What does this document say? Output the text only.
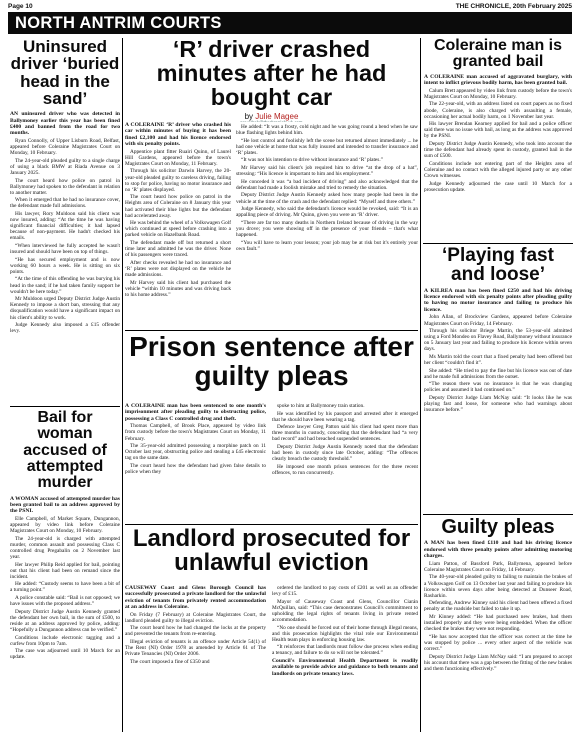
Page 10	THE CHRONICLE, 20th February 2025
NORTH ANTRIM COURTS
Uninsured driver ‘buried head in the sand’

AN uninsured driver who was detected in Ballymoney earlier this year has been fined £400 and banned from the road for two months.

Ryan Connolly, of Upper Lisburn Road, Belfast, appeared before Coleraine Magistrates Court on Monday, 10 February.

The 24-year-old pleaded guilty to a single charge of using a black BMW at Riada Avenue on 3 January 2025.

The court heard how police on patrol in Ballymoney had spoken to the defendant in relation to another matter.

When it emerged that he had no insurance cover, the defendant made full admissions.

His lawyer, Rory Muldoon said his client was now insured, adding: “At the time he was having significant financial difficulties; it had lapsed because of non-payment. He hadn't checked his emails.

“When interviewed he fully accepted he wasn't insured and should have been on top of things.

“He has secured employment and is now working 60 hours a week. He is sitting on six points.

“At the time of this offending he was burying his head in the sand; if he had taken family support he wouldn't be here today.”

Mr Muldoon urged Deputy District Judge Austin Kennedy to impose a short ban, stressing that any disqualification would have a significant impact on his client's ability to work.

Judge Kennedy also imposed a £15 offender levy.

Bail for woman accused of attempted murder

A WOMAN accused of attempted murder has been granted bail to an address approved by the PSNI.

Elle Campbell, of Market Square, Dungannon, appeared by video link before Coleraine Magistrates Court on Monday, 10 February.

The 24-year-old is charged with attempted murder, common assault and possessing Class C controlled drug Pregabalin on 2 November last year.

Her lawyer Philip Reid applied for bail, pointing out that his client had been on remand since the incident.

He added: “Custody seems to have been a bit of a turning point.”

A police constable said: “Bail is not opposed; we have issues with the proposed address.”

Deputy District Judge Austin Kennedy granted the defendant her own bail, in the sum of £500, to reside at an address approved by police, adding: “Hopefully a Dungannon address can be verified.”

Conditions include electronic tagging and a curfew from 10pm to 7am.

The case was adjourned until 10 March for an update.

‘R’ driver crashed minutes after he had bought car
by Julie Magee

A COLERAINE ‘R’ driver who crashed his car within minutes of buying it has been fined £2,100 and had his licence endorsed with six penalty points.

Appentice plant fitter Ruairi Quinn, of Laurel Hill Gardens, appeared before the town's Magistrates Court on Monday, 11 February.

Through his solicitor Darwin Harvey, the 20-year-old pleaded guilty to careless driving, failing to stop for police, having no motor insurance and no ‘R’ plates displayed.

The court heard how police on patrol in the Heights area of Coleraine on 8 January this year had activated their blue lights but the defendant had accelerated away.

He was behind the wheel of a Volkswagen Golf which continued at speed before crashing into a parked vehicle on Hazelbank Road.

The defendant made off but returned a short time later and admitted he was the driver. None of his passengers were traced.

After checks revealed he had no insurance and ‘R’ plates were not displayed on the vehicle he made admissions.

Mr Harvey said his client had purchased the vehicle “within 10 minutes and was driving back to his home address.”

He added: “It was a frosty, cold night and he was going round a bend when he saw blue flashing lights behind him.

“He lost control and foolishly left the scene but returned almost immediately ... he had one vehicle at home that was fully insured and intended to transfer insurance and ‘R’ plates.

“It was not his intention to drive without insurance and ‘R’ plates.”

Mr Harvey said his client's job required him to drive “at the drop of a hat”, stressing: “His licence is important to him and his employment.”

He conceded it was “a bad incident of driving” and also acknowledged that the defendant had made a foolish mistake and tried to remedy the situation.

Deputy District Judge Austin Kennedy asked how many people had been in the vehicle at the time of the crash and the defendant replied: “Myself and three others.”

Judge Kennedy, who said the defendant's licence would be revoked, said: “It is an appalling piece of driving. Mr Quinn, given you were an ‘R’ driver.

“There are far too many deaths in Northern Ireland because of driving in the way you drove; you were showing off in the presence of your friends – that's what happened.

“You will have to learn your lesson; your job may be at risk but it's entirely your own fault.”

Prison sentence after guilty pleas

A COLERAINE man has been sentenced to one month's imprisonment after pleading guilty to obstructing police, possessing a Class C controlled drug and theft.

Thomas Campbell, of Brook Place, appeared by video link from custody before the town's Magistrates Court on Monday, 11 February.

The 35-year-old admitted possessing a morphine patch on 11 October last year, obstructing police and stealing a £45 electronic tag on the same date.

The court heard how the defendant had given false details to police when they

spoke to him at Ballymoney train station.

He was identified by his passport and arrested after it emerged that he should have been wearing a tag.

Defence lawyer Greg Patton said his client had spent more than three months in custody, conceding that the defendant had “a very bad record” and had breached suspended sentences.

Deputy District Judge Austin Kennedy noted that the defendant had been in custody since late October, adding: “The offences clearly breach the custody threshold.”

He imposed one month prison sentences for the three recent offences, to run concurrently.

Landlord prosecuted for unlawful eviction

CAUSEWAY Coast and Glens Borough Council has successfully prosecuted a private landlord for the unlawful eviction of tenants from privately rented accommodation at an address in Coleraine.

On Friday (7 February) at Coleraine Magistrates Court, the landlord pleaded guilty to illegal eviction.

The court heard how he had changed the locks at the property and prevented the tenants from re-entering.

Illegal eviction of tenants is an offence under Article 54(1) of The Rent (NI) Order 1978 as amended by Article 61 of The Private Tenancies (NI) Order 2006.

The court imposed a fine of £350 and

ordered the landlord to pay costs of £201 as well as an offender levy of £15.

Mayor of Causeway Coast and Glens, Councillor Ciarán McQuillan, said: “This case demonstrates Council's commitment to upholding the legal rights of tenants living in private rented accommodation.

“No one should be forced out of their home through illegal means, and this prosecution highlights the vital role our Environmental Health team plays in enforcing housing law.

“It reinforces that landlords must follow due process when ending a tenancy, and failure to do so will not be tolerated.”

Council's Environmental Health Department is readily available to provide advice and guidance to both tenants and landlords on private tenancy laws.

Coleraine man is granted bail

A COLERAINE man accused of aggravated burglary, with intent to inflict grievous bodily harm, has been granted bail.

Calum Brett appeared by video link from custody before the town's Magistrates Court on Monday, 10 February.

The 22-year-old, with an address listed on court papers as no fixed abode, Coleraine, is also charged with assaulting a female, occasioning her actual bodily harm, on 1 November last year.

His lawyer Brendan Kearney applied for bail and a police officer said there was no issue with bail, as long as the address was approved by the PSNI.

Deputy District Judge Austin Kennedy, who took into account the time the defendant had already spent in custody, granted bail in the sum of £500.

Conditions include not entering part of the Heights area of Coleraine and no contact with the alleged injured party or any other Crown witnesses.

Judge Kennedy adjourned the case until 10 March for a prosecution update.

‘Playing fast and loose’

A KILREA man has been fined £250 and had his driving licence endorsed with six penalty points after pleading guilty to having no motor insurance and failing to produce his licence.

John Allan, of Brockview Gardens, appeared before Coleraine Magistrates Court on Friday, 14 February.

Through his solicitor Briege Martin, the 53-year-old admitted using a Ford Mondeo on Flavey Road, Ballymoney without insurance on 5 January last year and failing to produce his licence within seven days.

Ms Martin told the court that a fixed penalty had been offered but her client “couldn't find it”.

She added: “He tried to pay the fine but his licence was out of date and he made full admissions from the outset.

“The reason there was no insurance is that he was changing policies and assumed it had continued on.”

Deputy District Judge Liam McNay said: “It looks like he was playing fast and loose, for someone who had warnings about insurance before.”

Guilty pleas

A MAN has been fined £110 and had his driving licence endorsed with three penalty points after admitting motoring charges.

Liam Patton, of Bassford Park, Ballymena, appeared before Coleraine Magistrates Court on Friday, 14 February.

The 40-year-old pleaded guilty to failing to maintain the brakes of a Volkswagen Golf on 13 October last year and failing to produce his licence within seven days after being detected at Dunseer Road, Rasharkin.

Defending, Andrew Kinney said his client had been offered a fixed penalty at the roadside but failed to take it up.

Mr Kinney added: “He had purchased new brakes, had them installed properly and they were being embedded. When the officer checked the brakes they were not responding.

“He has now accepted that the officer was correct at the time he was stopped by police ... every other aspect of the vehicle was correct.”

Deputy District Judge Liam McNay said: “I am prepared to accept his account that there was a gap between the fitting of the new brakes and them functioning effectively.”
